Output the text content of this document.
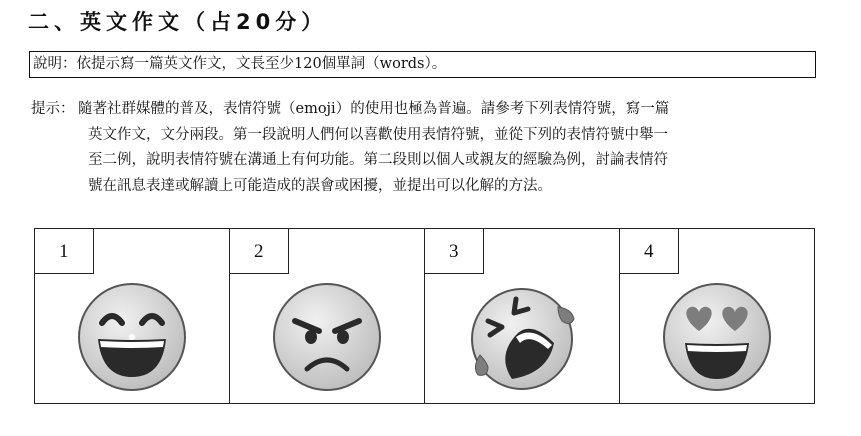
二、英文作文（占20分）
說明：依提示寫一篇英文作文，文長至少120個單詞（words）。
提示： 隨著社群媒體的普及，表情符號（emoji）的使用也極為普遍。請參考下列表情符號，寫一篇
英文作文，文分兩段。第一段說明人們何以喜歡使用表情符號，並從下列的表情符號中舉一
至二例，說明表情符號在溝通上有何功能。第二段則以個人或親友的經驗為例，討論表情符
號在訊息表達或解讀上可能造成的誤會或困擾，並提出可以化解的方法。
1	2	3	4
